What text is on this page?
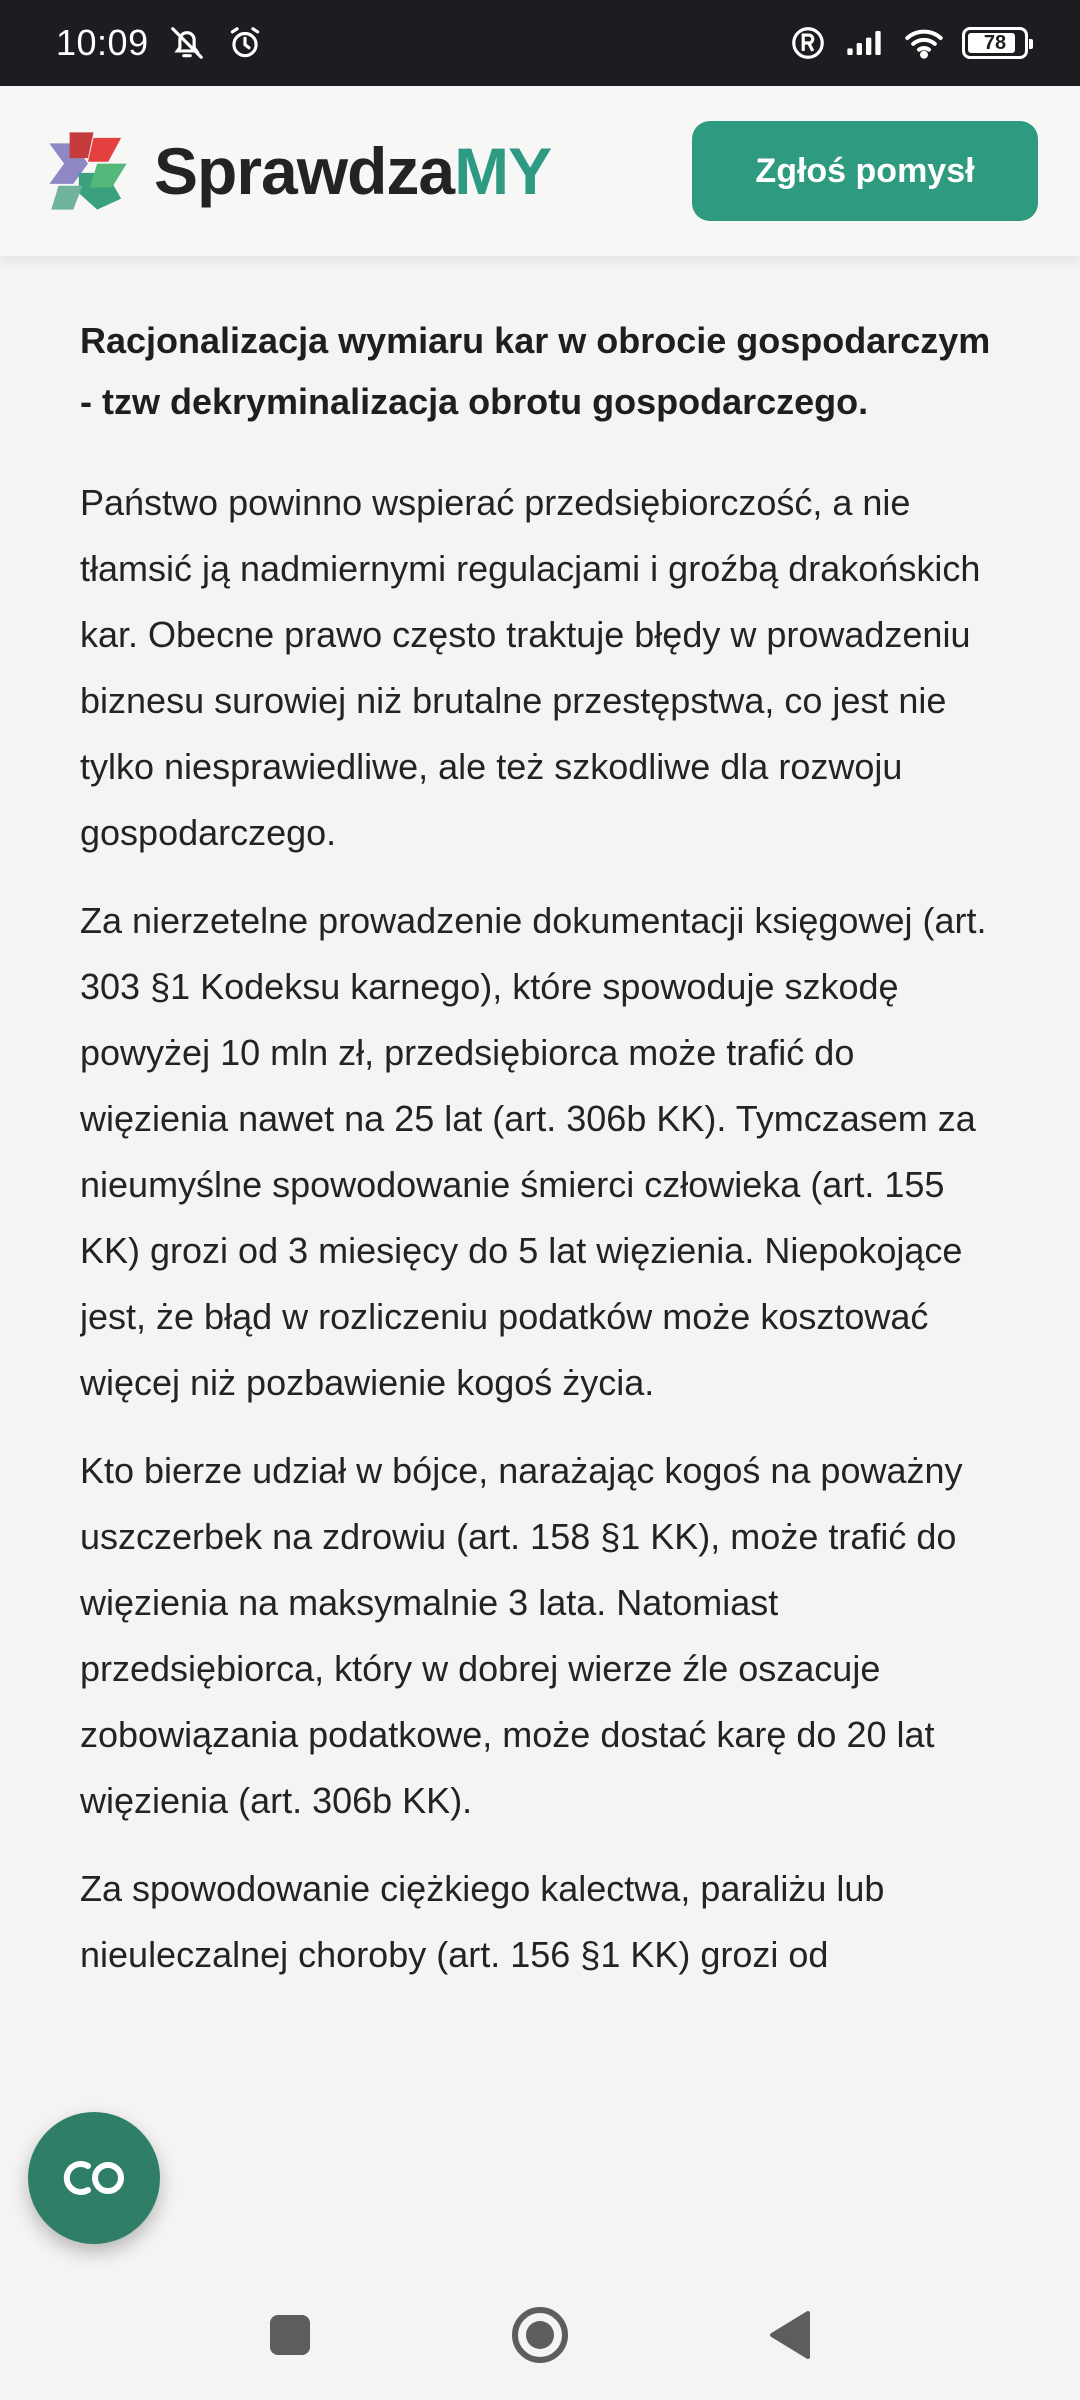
10:09	78
SprawdzaMY	Zgłoś pomysł
Racjonalizacja wymiaru kar w obrocie gospodarczym - tzw dekryminalizacja obrotu gospodarczego.

Państwo powinno wspierać przedsiębiorczość, a nie tłamsić ją nadmiernymi regulacjami i groźbą drakońskich kar. Obecne prawo często traktuje błędy w prowadzeniu biznesu surowiej niż brutalne przestępstwa, co jest nie tylko niesprawiedliwe, ale też szkodliwe dla rozwoju gospodarczego.

Za nierzetelne prowadzenie dokumentacji księgowej (art. 303 §1 Kodeksu karnego), które spowoduje szkodę powyżej 10 mln zł, przedsiębiorca może trafić do więzienia nawet na 25 lat (art. 306b KK). Tymczasem za nieumyślne spowodowanie śmierci człowieka (art. 155 KK) grozi od 3 miesięcy do 5 lat więzienia. Niepokojące jest, że błąd w rozliczeniu podatków może kosztować więcej niż pozbawienie kogoś życia.

Kto bierze udział w bójce, narażając kogoś na poważny uszczerbek na zdrowiu (art. 158 §1 KK), może trafić do więzienia na maksymalnie 3 lata. Natomiast przedsiębiorca, który w dobrej wierze źle oszacuje zobowiązania podatkowe, może dostać karę do 20 lat więzienia (art. 306b KK).

Za spowodowanie ciężkiego kalectwa, paraliżu lub nieuleczalnej choroby (art. 156 §1 KK) grozi od
